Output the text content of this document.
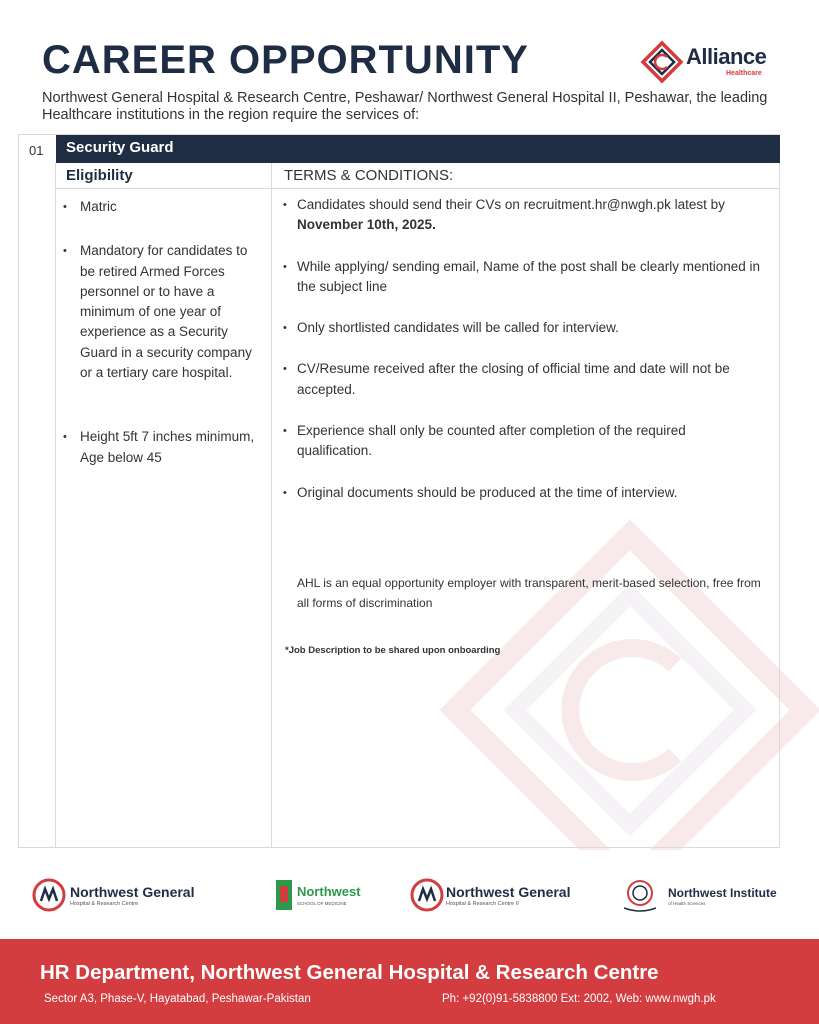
CAREER OPPORTUNITY	Alliance
Healthcare
Northwest General Hospital & Research Centre, Peshawar/ Northwest General Hospital II, Peshawar, the leading Healthcare institutions in the region require the services of:
01 Security Guard
Eligibility	TERMS & CONDITIONS:
• Matric
• Mandatory for candidates to be retired Armed Forces personnel or to have a minimum of one year of experience as a Security Guard in a security company or a tertiary care hospital.
• Height 5ft 7 inches minimum, Age below 45
• Candidates should send their CVs on recruitment.hr@nwgh.pk latest by November 10th, 2025.
• While applying/ sending email, Name of the post shall be clearly mentioned in the subject line
• Only shortlisted candidates will be called for interview.
• CV/Resume received after the closing of official time and date will not be accepted.
• Experience shall only be counted after completion of the required qualification.
• Original documents should be produced at the time of interview.
AHL is an equal opportunity employer with transparent, merit-based selection, free from all forms of discrimination
*Job Description to be shared upon onboarding
Northwest General
Hospital & Research Centre
Northwest
SCHOOL OF MEDICINE
Northwest General
Hospital & Research Centre II
Northwest Institute
of Health Sciences
HR Department, Northwest General Hospital & Research Centre
Sector A3, Phase-V, Hayatabad, Peshawar-Pakistan	Ph: +92(0)91-5838800 Ext: 2002, Web: www.nwgh.pk
